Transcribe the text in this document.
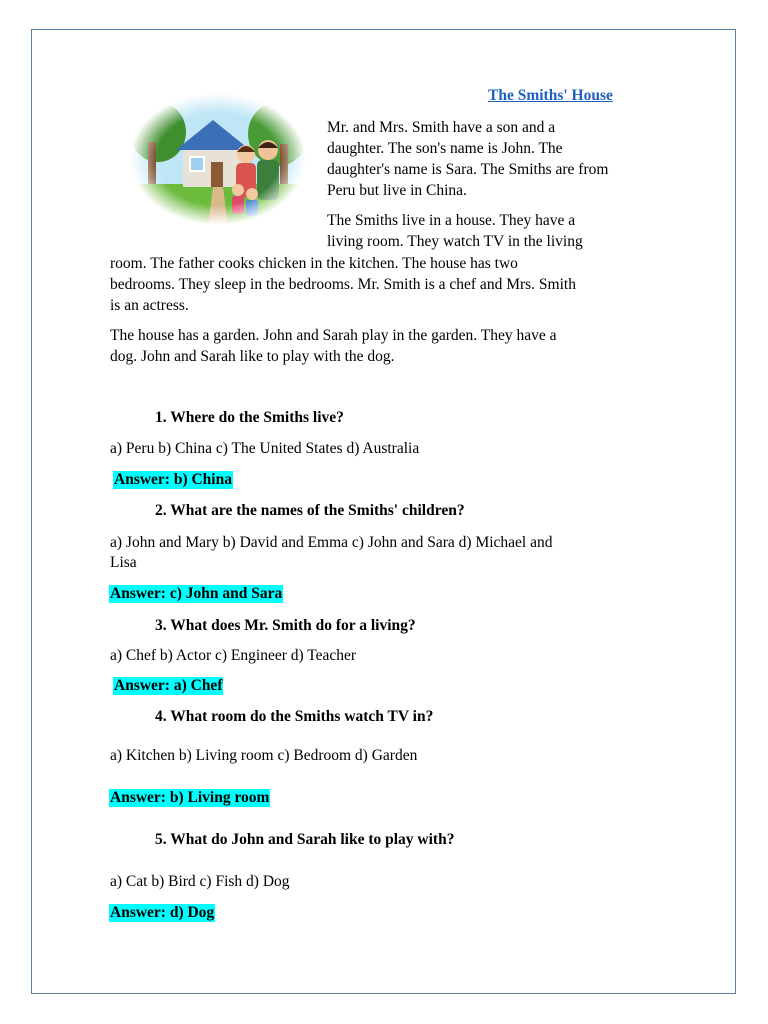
The Smiths' House
Mr. and Mrs. Smith have a son and a
daughter. The son's name is John. The
daughter's name is Sara. The Smiths are from
Peru but live in China.
The Smiths live in a house. They have a
living room. They watch TV in the living
room. The father cooks chicken in the kitchen. The house has two
bedrooms. They sleep in the bedrooms. Mr. Smith is a chef and Mrs. Smith
is an actress.
The house has a garden. John and Sarah play in the garden. They have a
dog. John and Sarah like to play with the dog.
1. Where do the Smiths live?
a) Peru b) China c) The United States d) Australia
Answer: b) China
2. What are the names of the Smiths' children?
a) John and Mary b) David and Emma c) John and Sara d) Michael and
Lisa
Answer: c) John and Sara
3. What does Mr. Smith do for a living?
a) Chef b) Actor c) Engineer d) Teacher
Answer: a) Chef
4. What room do the Smiths watch TV in?
a) Kitchen b) Living room c) Bedroom d) Garden
Answer: b) Living room
5. What do John and Sarah like to play with?
a) Cat b) Bird c) Fish d) Dog
Answer: d) Dog
